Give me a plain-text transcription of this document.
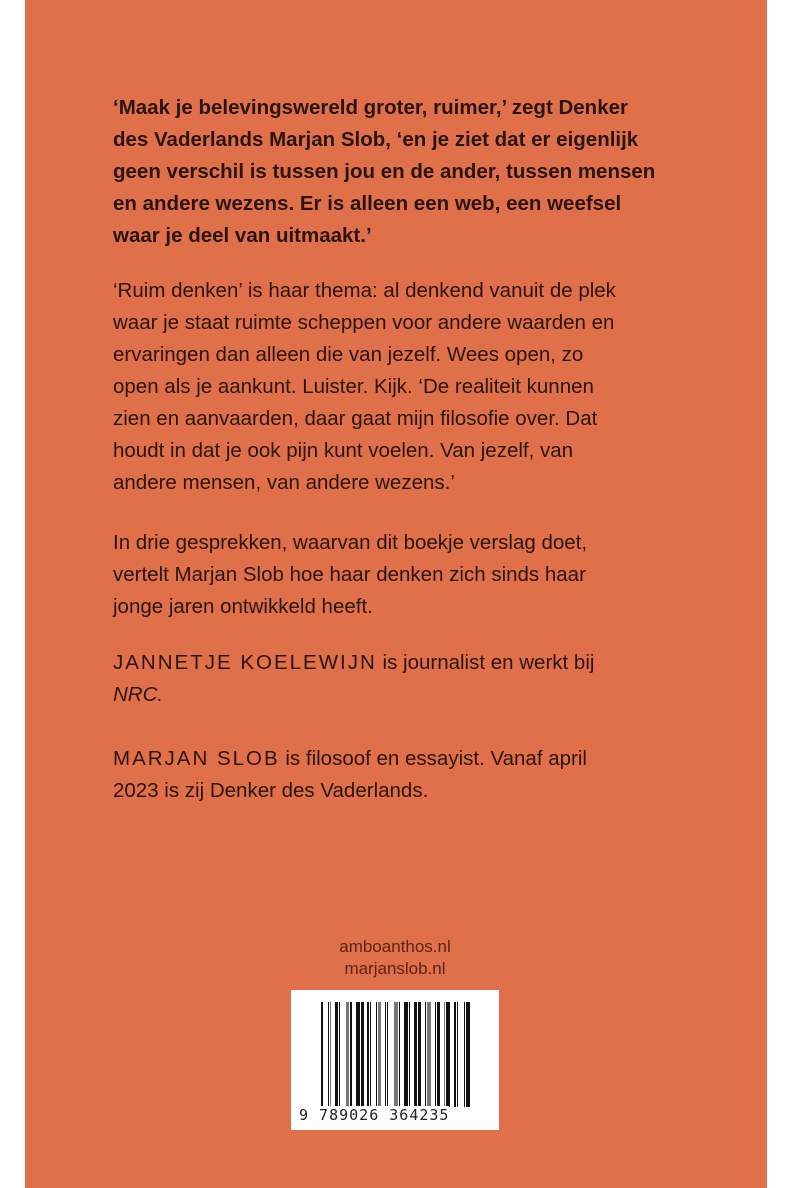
‘Maak je belevingswereld groter, ruimer,’ zegt Denker
des Vaderlands Marjan Slob, ‘en je ziet dat er eigenlijk
geen verschil is tussen jou en de ander, tussen mensen
en andere wezens. Er is alleen een web, een weefsel
waar je deel van uitmaakt.’
‘Ruim denken’ is haar thema: al denkend vanuit de plek
waar je staat ruimte scheppen voor andere waarden en
ervaringen dan alleen die van jezelf. Wees open, zo
open als je aankunt. Luister. Kijk. ‘De realiteit kunnen
zien en aanvaarden, daar gaat mijn filosofie over. Dat
houdt in dat je ook pijn kunt voelen. Van jezelf, van
andere mensen, van andere wezens.’
In drie gesprekken, waarvan dit boekje verslag doet,
vertelt Marjan Slob hoe haar denken zich sinds haar
jonge jaren ontwikkeld heeft.
JANNETJE KOELEWIJN is journalist en werkt bij
NRC.
MARJAN SLOB is filosoof en essayist. Vanaf april
2023 is zij Denker des Vaderlands.
amboanthos.nl
marjanslob.nl
9 789026 364235
